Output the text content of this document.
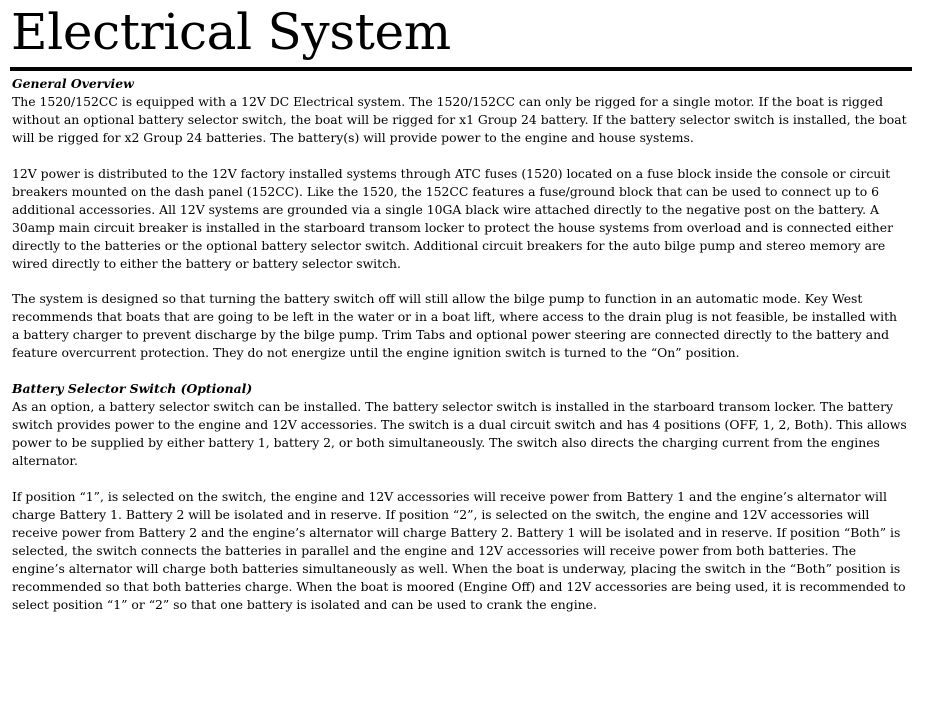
Electrical System

General Overview

The 1520/152CC is equipped with a 12V DC Electrical system. The 1520/152CC can only be rigged for a single motor. If the boat is rigged without an optional battery selector switch, the boat will be rigged for x1 Group 24 battery. If the battery selector switch is installed, the boat will be rigged for x2 Group 24 batteries. The battery(s) will provide power to the engine and house systems.

12V power is distributed to the 12V factory installed systems through ATC fuses (1520) located on a fuse block inside the console or circuit breakers mounted on the dash panel (152CC). Like the 1520, the 152CC features a fuse/ground block that can be used to connect up to 6 additional accessories. All 12V systems are grounded via a single 10GA black wire attached directly to the negative post on the battery. A 30amp main circuit breaker is installed in the starboard transom locker to protect the house systems from overload and is connected either directly to the batteries or the optional battery selector switch. Additional circuit breakers for the auto bilge pump and stereo memory are wired directly to either the battery or battery selector switch.

The system is designed so that turning the battery switch off will still allow the bilge pump to function in an automatic mode. Key West recommends that boats that are going to be left in the water or in a boat lift, where access to the drain plug is not feasible, be installed with a battery charger to prevent discharge by the bilge pump. Trim Tabs and optional power steering are connected directly to the battery and feature overcurrent protection. They do not energize until the engine ignition switch is turned to the “On” position.

Battery Selector Switch (Optional)

As an option, a battery selector switch can be installed. The battery selector switch is installed in the starboard transom locker. The battery switch provides power to the engine and 12V accessories. The switch is a dual circuit switch and has 4 positions (OFF, 1, 2, Both). This allows power to be supplied by either battery 1, battery 2, or both simultaneously. The switch also directs the charging current from the engines alternator.

If position “1”, is selected on the switch, the engine and 12V accessories will receive power from Battery 1 and the engine’s alternator will charge Battery 1. Battery 2 will be isolated and in reserve. If position “2”, is selected on the switch, the engine and 12V accessories will receive power from Battery 2 and the engine’s alternator will charge Battery 2. Battery 1 will be isolated and in reserve. If position “Both” is selected, the switch connects the batteries in parallel and the engine and 12V accessories will receive power from both batteries. The engine’s alternator will charge both batteries simultaneously as well. When the boat is underway, placing the switch in the “Both” position is recommended so that both batteries charge. When the boat is moored (Engine Off) and 12V accessories are being used, it is recommended to select position “1” or “2” so that one battery is isolated and can be used to crank the engine.
